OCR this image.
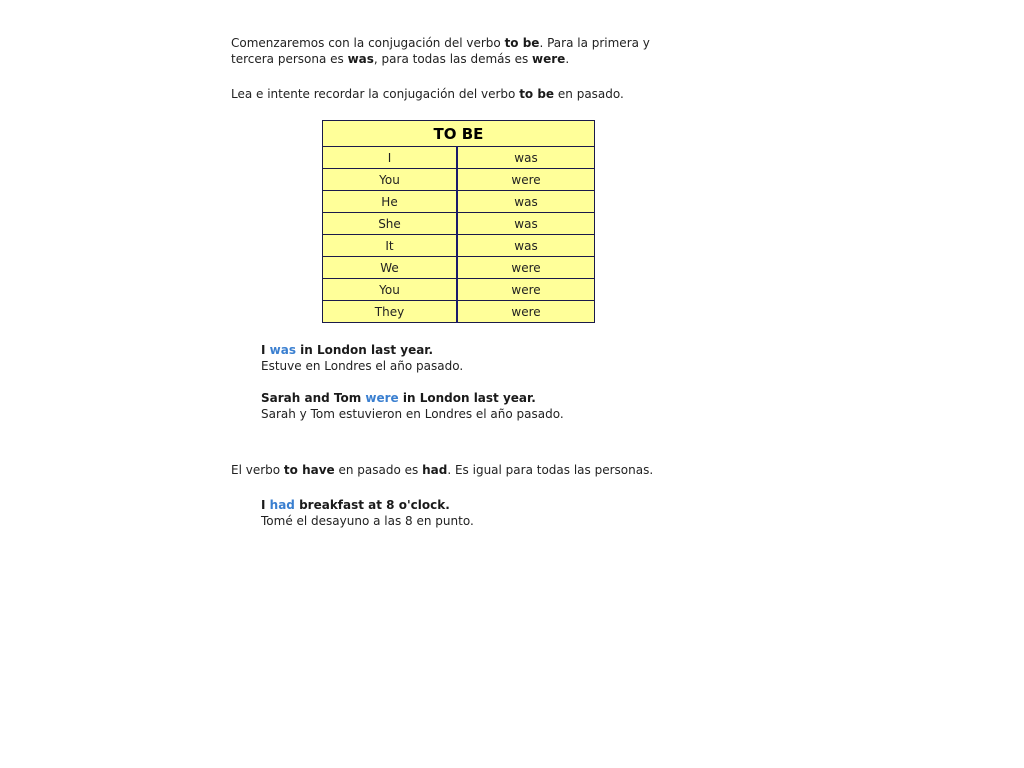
Comenzaremos con la conjugación del verbo to be. Para la primera y tercera persona es was, para todas las demás es were.

Lea e intente recordar la conjugación del verbo to be en pasado.

TO BE	
I	was
You	were
He	was
She	was
It	was
We	were
You	were
They	were

I was in London last year.

Estuve en Londres el año pasado.

Sarah and Tom were in London last year.

Sarah y Tom estuvieron en Londres el año pasado.

El verbo to have en pasado es had. Es igual para todas las personas.

I had breakfast at 8 o'clock.

Tomé el desayuno a las 8 en punto.
